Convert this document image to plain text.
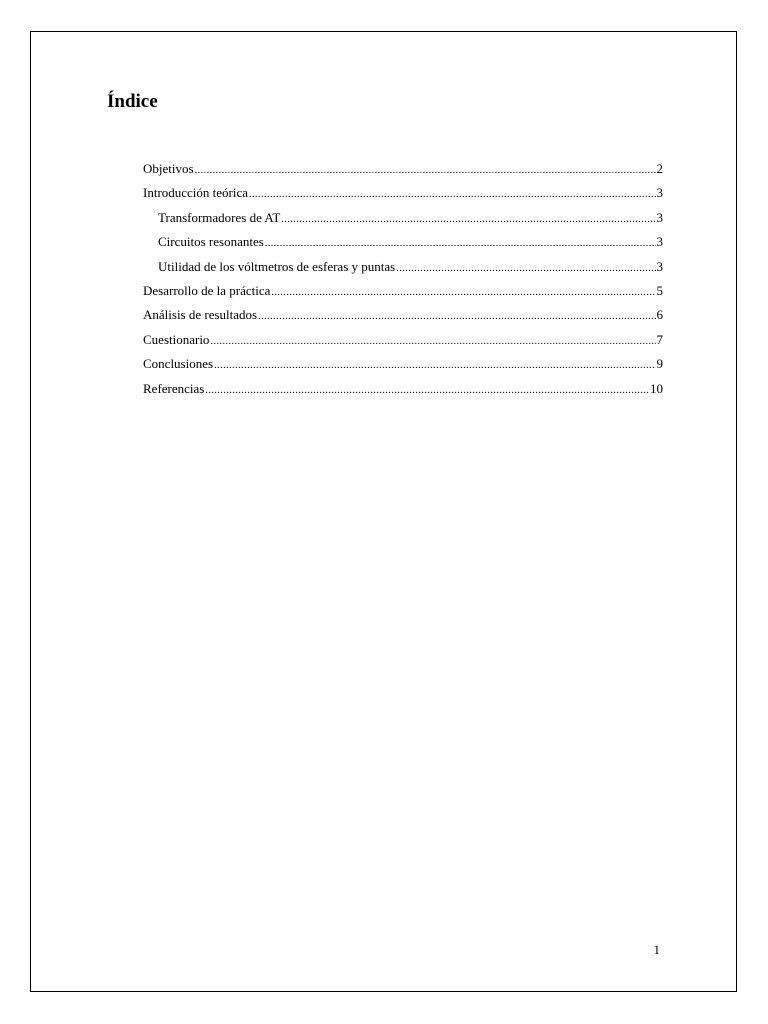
Índice
Objetivos .....	2
Introducción teórica .....	3
Transformadores de AT .....	3
Circuitos resonantes .....	3
Utilidad de los vóltmetros de esferas y puntas .....	3
Desarrollo de la práctica .....	5
Análisis de resultados .....	6
Cuestionario .....	7
Conclusiones .....	9
Referencias .....	10
1
